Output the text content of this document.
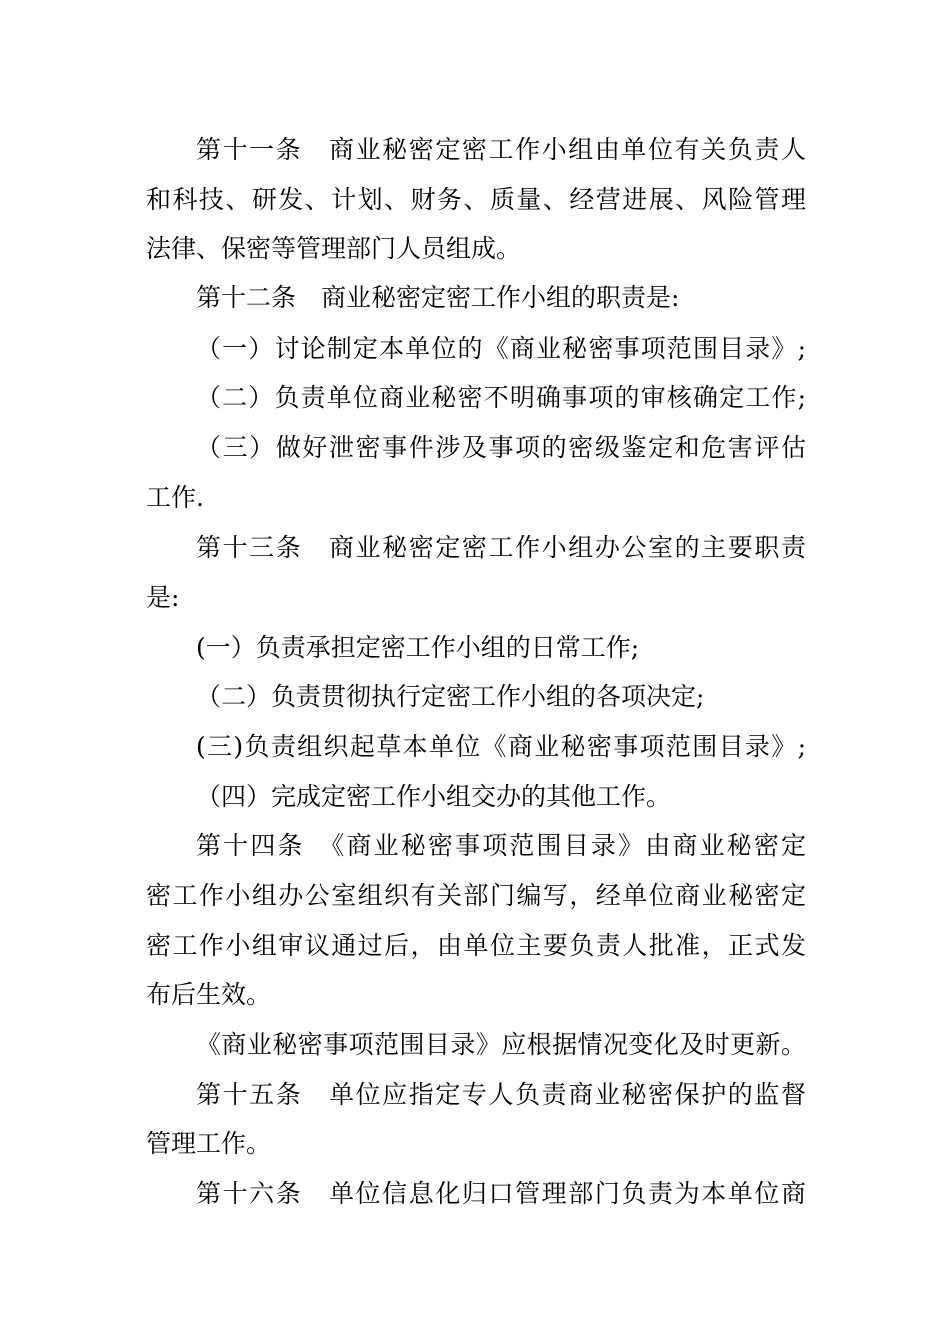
第十一条　商业秘密定密工作小组由单位有关负责人
和科技、研发、计划、财务、质量、经营进展、风险管理
法律、保密等管理部门人员组成。
第十二条　商业秘密定密工作小组的职责是:
（一）讨论制定本单位的《商业秘密事项范围目录》;
（二）负责单位商业秘密不明确事项的审核确定工作;
（三）做好泄密事件涉及事项的密级鉴定和危害评估
工作.
第十三条　商业秘密定密工作小组办公室的主要职责
是:
(一）负责承担定密工作小组的日常工作;
（二）负责贯彻执行定密工作小组的各项决定;
(三)负责组织起草本单位《商业秘密事项范围目录》;
（四）完成定密工作小组交办的其他工作。
第十四条　《商业秘密事项范围目录》由商业秘密定
密工作小组办公室组织有关部门编写，经单位商业秘密定
密工作小组审议通过后，由单位主要负责人批准，正式发
布后生效。
《商业秘密事项范围目录》应根据情况变化及时更新。
第十五条　单位应指定专人负责商业秘密保护的监督
管理工作。
第十六条　单位信息化归口管理部门负责为本单位商
